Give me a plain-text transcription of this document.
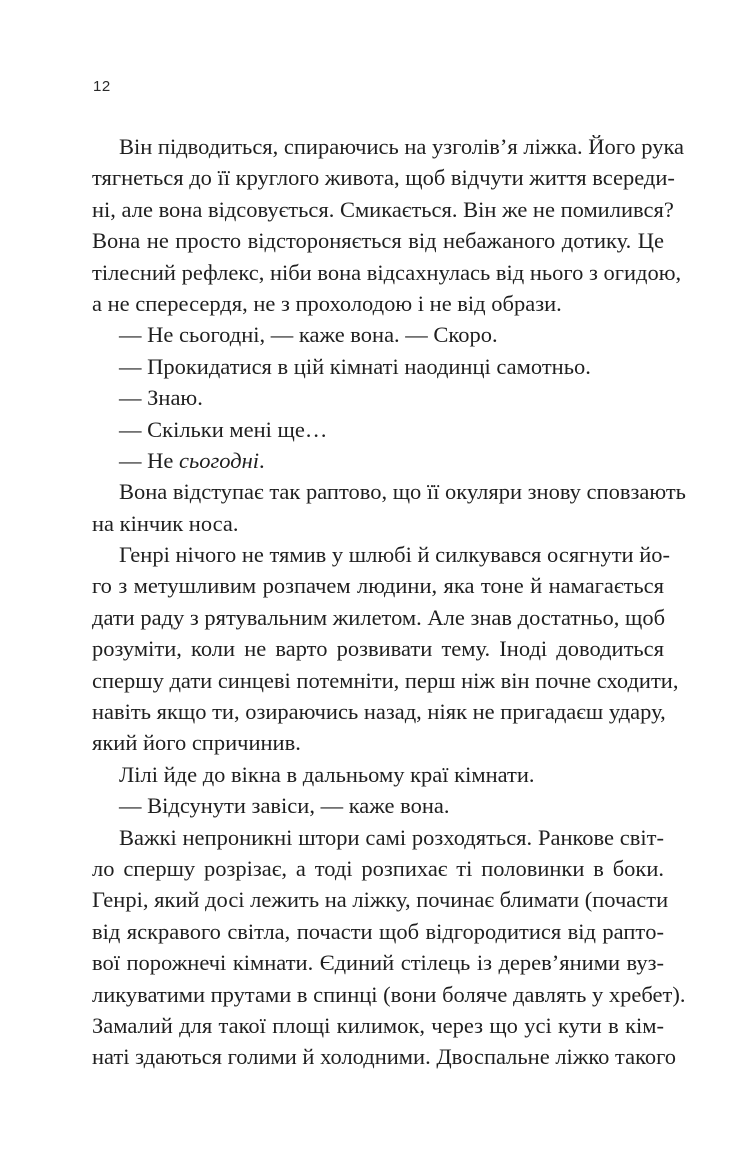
12
Він підводиться, спираючись на узголів’я ліжка. Його рука
тягнеться до її круглого живота, щоб відчути життя всереди-
ні, але вона відсовується. Смикається. Він же не помилився?
Вона не просто відстороняється від небажаного дотику. Це
тілесний рефлекс, ніби вона відсахнулась від нього з огидою,
а не спересердя, не з прохолодою і не від образи.
— Не сьогодні, — каже вона. — Скоро.
— Прокидатися в цій кімнаті наодинці самотньо.
— Знаю.
— Скільки мені ще…
— Не сьогодні.
Вона відступає так раптово, що її окуляри знову сповзають
на кінчик носа.
Генрі нічого не тямив у шлюбі й силкувався осягнути йо-
го з метушливим розпачем людини, яка тоне й намагається
дати раду з рятувальним жилетом. Але знав достатньо, щоб
розуміти, коли не варто розвивати тему. Іноді доводиться
спершу дати синцеві потемніти, перш ніж він почне сходити,
навіть якщо ти, озираючись назад, ніяк не пригадаєш удару,
який його спричинив.
Лілі йде до вікна в дальньому краї кімнати.
— Відсунути завіси, — каже вона.
Важкі непроникні штори самі розходяться. Ранкове світ-
ло спершу розрізає, а тоді розпихає ті половинки в боки.
Генрі, який досі лежить на ліжку, починає блимати (почасти
від яскравого світла, почасти щоб відгородитися від раптo-
вої порожнечі кімнати. Єдиний стілець із дерев’яними вуз-
ликуватими прутами в спинці (вони боляче давлять у хребет).
Замалий для такої площі килимок, через що усі кути в кім-
наті здаються голими й холодними. Двоспальне ліжко такого
